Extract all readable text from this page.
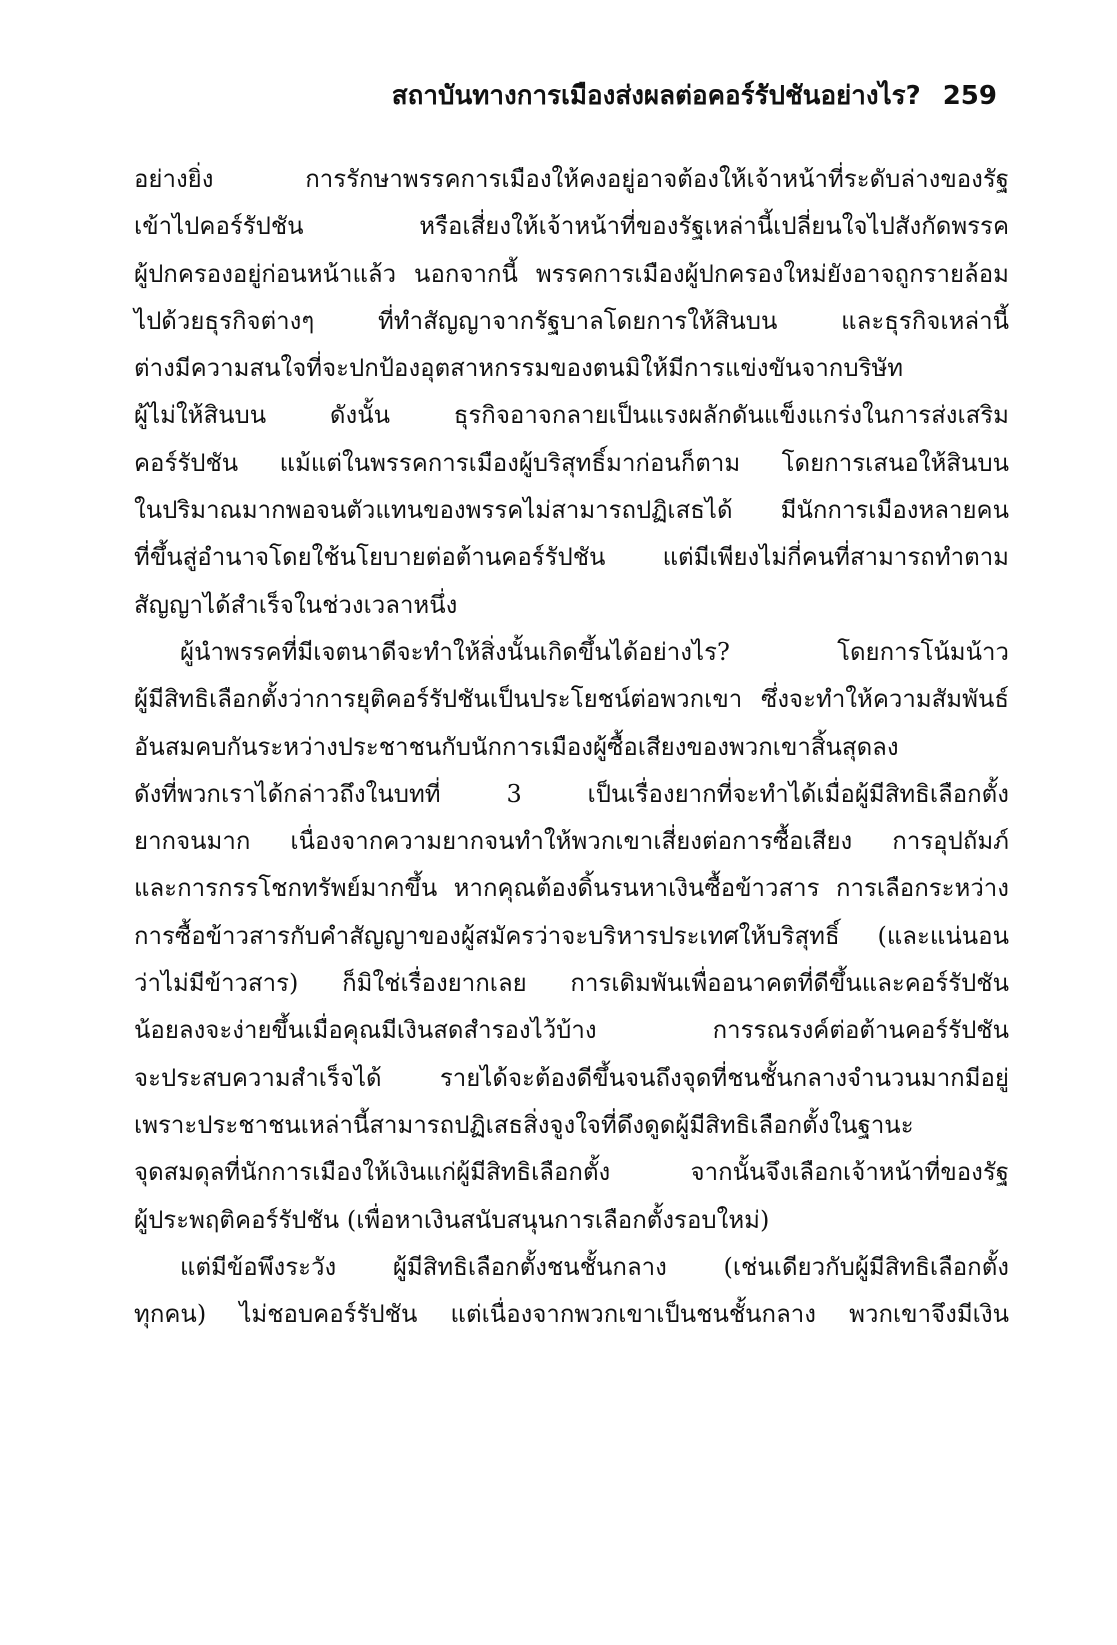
สถาบันทางการเมืองส่งผลต่อคอร์รัปชันอย่างไร? 259
อย่างยิ่ง การรักษาพรรคการเมืองให้คงอยู่อาจต้องให้เจ้าหน้าที่ระดับล่างของรัฐ
เข้าไปคอร์รัปชัน หรือเสี่ยงให้เจ้าหน้าที่ของรัฐเหล่านี้เปลี่ยนใจไปสังกัดพรรค
ผู้ปกครองอยู่ก่อนหน้าแล้ว นอกจากนี้ พรรคการเมืองผู้ปกครองใหม่ยังอาจถูกรายล้อม
ไปด้วยธุรกิจต่างๆ ที่ทำสัญญาจากรัฐบาลโดยการให้สินบน และธุรกิจเหล่านี้
ต่างมีความสนใจที่จะปกป้องอุตสาหกรรมของตนมิให้มีการแข่งขันจากบริษัท
ผู้ไม่ให้สินบน ดังนั้น ธุรกิจอาจกลายเป็นแรงผลักดันแข็งแกร่งในการส่งเสริม
คอร์รัปชัน แม้แต่ในพรรคการเมืองผู้บริสุทธิ์มาก่อนก็ตาม โดยการเสนอให้สินบน
ในปริมาณมากพอจนตัวแทนของพรรคไม่สามารถปฏิเสธได้ มีนักการเมืองหลายคน
ที่ขึ้นสู่อำนาจโดยใช้นโยบายต่อต้านคอร์รัปชัน แต่มีเพียงไม่กี่คนที่สามารถทำตาม
สัญญาได้สำเร็จในช่วงเวลาหนึ่ง
ผู้นำพรรคที่มีเจตนาดีจะทำให้สิ่งนั้นเกิดขึ้นได้อย่างไร? โดยการโน้มน้าว
ผู้มีสิทธิเลือกตั้งว่าการยุติคอร์รัปชันเป็นประโยชน์ต่อพวกเขา ซึ่งจะทำให้ความสัมพันธ์
อันสมคบกันระหว่างประชาชนกับนักการเมืองผู้ซื้อเสียงของพวกเขาสิ้นสุดลง
ดังที่พวกเราได้กล่าวถึงในบทที่ 3 เป็นเรื่องยากที่จะทำได้เมื่อผู้มีสิทธิเลือกตั้ง
ยากจนมาก เนื่องจากความยากจนทำให้พวกเขาเสี่ยงต่อการซื้อเสียง การอุปถัมภ์
และการกรรโชกทรัพย์มากขึ้น หากคุณต้องดิ้นรนหาเงินซื้อข้าวสาร การเลือกระหว่าง
การซื้อข้าวสารกับคำสัญญาของผู้สมัครว่าจะบริหารประเทศให้บริสุทธิ์ (และแน่นอน
ว่าไม่มีข้าวสาร) ก็มิใช่เรื่องยากเลย การเดิมพันเพื่ออนาคตที่ดีขึ้นและคอร์รัปชัน
น้อยลงจะง่ายขึ้นเมื่อคุณมีเงินสดสำรองไว้บ้าง การรณรงค์ต่อต้านคอร์รัปชัน
จะประสบความสำเร็จได้ รายได้จะต้องดีขึ้นจนถึงจุดที่ชนชั้นกลางจำนวนมากมีอยู่
เพราะประชาชนเหล่านี้สามารถปฏิเสธสิ่งจูงใจที่ดึงดูดผู้มีสิทธิเลือกตั้งในฐานะ
จุดสมดุลที่นักการเมืองให้เงินแก่ผู้มีสิทธิเลือกตั้ง จากนั้นจึงเลือกเจ้าหน้าที่ของรัฐ
ผู้ประพฤติคอร์รัปชัน (เพื่อหาเงินสนับสนุนการเลือกตั้งรอบใหม่)
แต่มีข้อพึงระวัง ผู้มีสิทธิเลือกตั้งชนชั้นกลาง (เช่นเดียวกับผู้มีสิทธิเลือกตั้ง
ทุกคน) ไม่ชอบคอร์รัปชัน แต่เนื่องจากพวกเขาเป็นชนชั้นกลาง พวกเขาจึงมีเงิน
